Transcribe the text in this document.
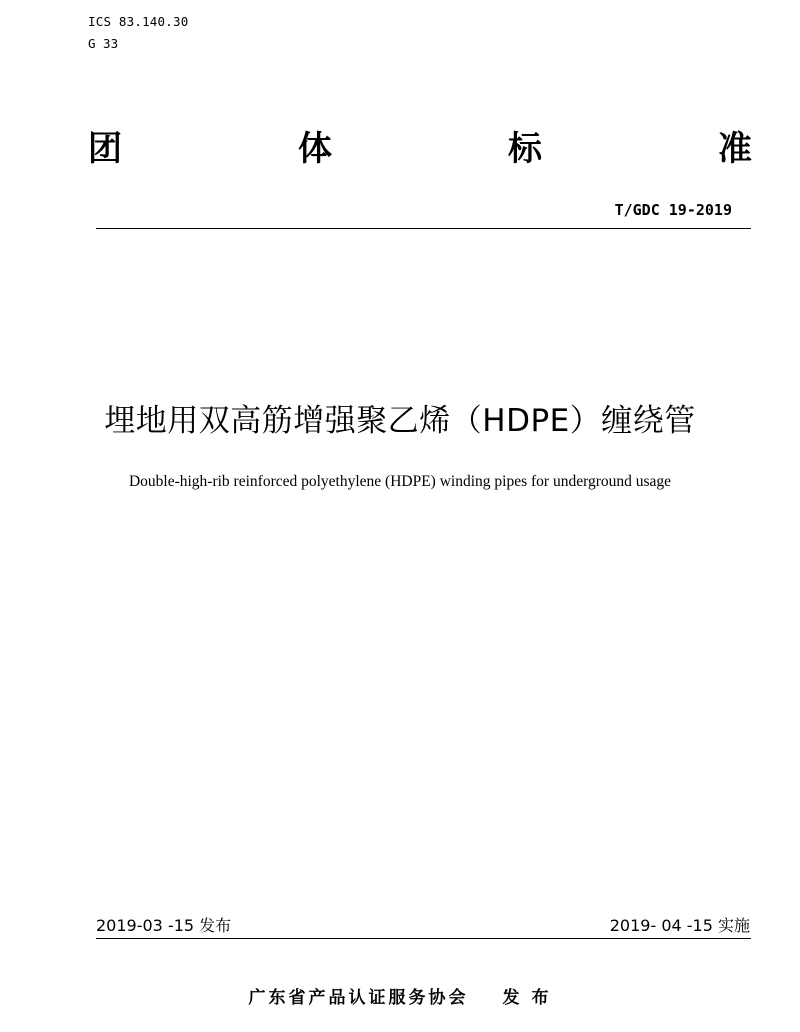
ICS 83.140.30
G 33
团	体	标	准
T/GDC 19-2019
埋地用双高筋增强聚乙烯（HDPE）缠绕管
Double-high-rib reinforced polyethylene (HDPE) winding pipes for underground usage
2019-03 -15 发布	2019- 04 -15 实施
广东省产品认证服务协会 发 布
